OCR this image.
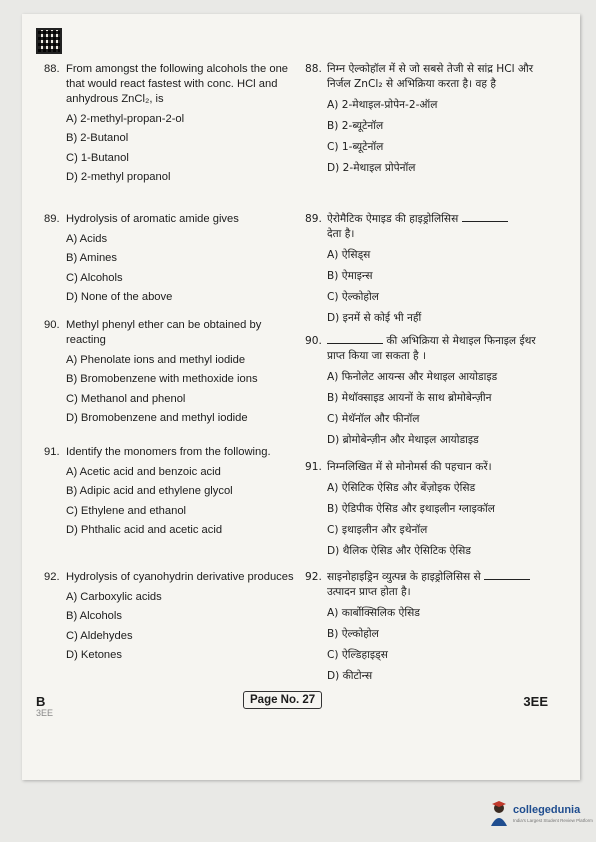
88. From amongst the following alcohols the one that would react fastest with conc. HCl and anhydrous ZnCl₂, is
A) 2-methyl-propan-2-ol
B) 2-Butanol
C) 1-Butanol
D) 2-methyl propanol
89. Hydrolysis of aromatic amide gives
A) Acids
B) Amines
C) Alcohols
D) None of the above
90. Methyl phenyl ether can be obtained by reacting
A) Phenolate ions and methyl iodide
B) Bromobenzene with methoxide ions
C) Methanol and phenol
D) Bromobenzene and methyl iodide
91. Identify the monomers from the following.
A) Acetic acid and benzoic acid
B) Adipic acid and ethylene glycol
C) Ethylene and ethanol
D) Phthalic acid and acetic acid
92. Hydrolysis of cyanohydrin derivative produces
A) Carboxylic acids
B) Alcohols
C) Aldehydes
D) Ketones
88. निम्न ऐल्कोहॉल में से जो सबसे तेजी से सांद्र HCl और निर्जल ZnCl₂ से अभिक्रिया करता है। वह है
A) 2-मेथाइल-प्रोपेन-2-ऑल
B) 2-ब्यूटेनॉल
C) 1-ब्यूटेनॉल
D) 2-मेथाइल प्रोपेनॉल
89. ऐरोमैटिक ऐमाइड की हाइड्रोलिसिस
देता है।
A) ऐसिड्स
B) ऐमाइन्स
C) ऐल्कोहोल
D) इनमें से कोई भी नहीं
90.	की अभिक्रिया से मेथाइल फिनाइल ईथर प्राप्त किया जा सकता है ।
A) फिनोलेट आयन्स और मेथाइल आयोडाइड
B) मेथॉक्साइड आयनों के साथ ब्रोमोबेन्ज़ीन
C) मेथॅनॉल और फीनॉल
D) ब्रोमोबेन्ज़ीन और मेथाइल आयोडाइड
91. निम्नलिखित में से मोनोमर्स की पहचान करें।
A) ऐसिटिक ऐसिड और बेंज़ोइक ऐसिड
B) ऐडिपीक ऐसिड और इथाइलीन ग्लाइकॉल
C) इथाइलीन और इथेनॉल
D) थैलिक ऐसिड और ऐसिटिक ऐसिड
92. साइनोहाइड्रिन व्युत्पन्न के हाइड्रोलिसिस से
उत्पादन प्राप्त होता है।
A) कार्बोक्सिलिक ऐसिड
B) ऐल्कोहोल
C) ऐल्डिहाइड्स
D) कीटोन्स
B
3EE
Page No. 27	3EE
collegedunia
India's Largest Student Review Platform
